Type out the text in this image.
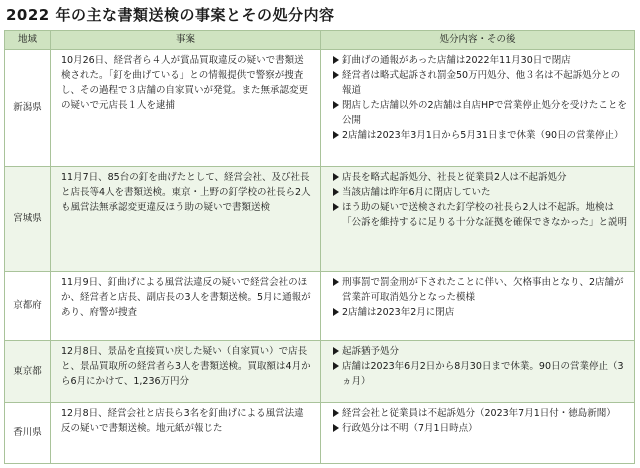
2022 年の主な書類送検の事案とその処分内容
地域	事案	処分内容・その後
新潟県	10月26日、経営者ら４人が賞品買取違反の疑いで書類送検された。「釘を曲げている」との情報提供で警察が捜査し、その過程で３店舗の自家買いが発覚。また無承認変更の疑いで元店長１人を逮捕	釘曲げの通報があった店舗は2022年11月30日で閉店
経営者は略式起訴され罰金50万円処分、他３名は不起訴処分との報道
閉店した店舗以外の2店舗は自店HPで営業停止処分を受けたことを公開
2店舗は2023年3月1日から5月31日まで休業（90日の営業停止）

宮城県	11月7日、85台の釘を曲げたとして、経営会社、及び社長と店長等4人を書類送検。東京・上野の釘学校の社長ら2人も風営法無承認変更違反ほう助の疑いで書類送検	店長を略式起訴処分、社長と従業員2人は不起訴処分
当該店舗は昨年6月に閉店していた
ほう助の疑いで送検された釘学校の社長ら2人は不起訴。地検は「公訴を維持するに足りる十分な証拠を確保できなかった」と説明

京都府	11月9日、釘曲げによる風営法違反の疑いで経営会社のほか、経営者と店長、副店長の3人を書類送検。5月に通報があり、府警が捜査	刑事罰で罰金刑が下されたことに伴い、欠格事由となり、2店舗が営業許可取消処分となった模様
2店舗は2023年2月に閉店

東京都	12月8日、景品を直接買い戻した疑い（自家買い）で店長と、景品買取所の経営者ら3人を書類送検。買取額は4月から6月にかけて、1,236万円分	起訴猶予処分
店舗は2023年6月2日から8月30日まで休業。90日の営業停止（3ヵ月）

香川県	12月8日、経営会社と店長ら3名を釘曲げによる風営法違反の疑いで書類送検。地元紙が報じた	経営会社と従業員は不起訴処分（2023年7月1日付・徳島新聞）
行政処分は不明（7月1日時点）
